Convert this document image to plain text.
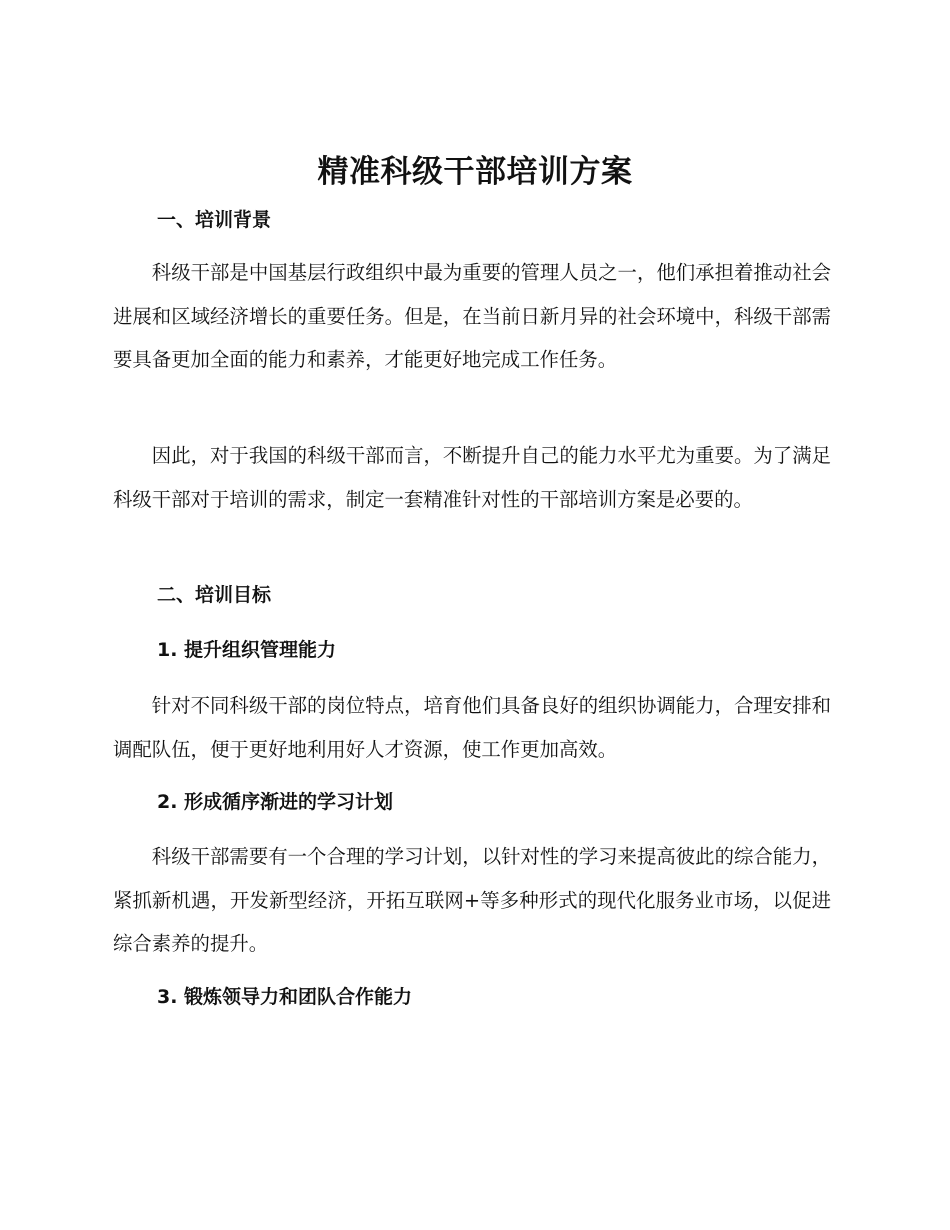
精准科级干部培训方案
一、培训背景

科级干部是中国基层行政组织中最为重要的管理人员之一，他们承担着推动社会进展和区域经济增长的重要任务。但是，在当前日新月异的社会环境中，科级干部需要具备更加全面的能力和素养，才能更好地完成工作任务。

因此，对于我国的科级干部而言，不断提升自己的能力水平尤为重要。为了满足科级干部对于培训的需求，制定一套精准针对性的干部培训方案是必要的。

二、培训目标
1. 提升组织管理能力

针对不同科级干部的岗位特点，培育他们具备良好的组织协调能力，合理安排和调配队伍，便于更好地利用好人才资源，使工作更加高效。

2. 形成循序渐进的学习计划

科级干部需要有一个合理的学习计划，以针对性的学习来提高彼此的综合能力，紧抓新机遇，开发新型经济，开拓互联网+等多种形式的现代化服务业市场，以促进综合素养的提升。

3. 锻炼领导力和团队合作能力
